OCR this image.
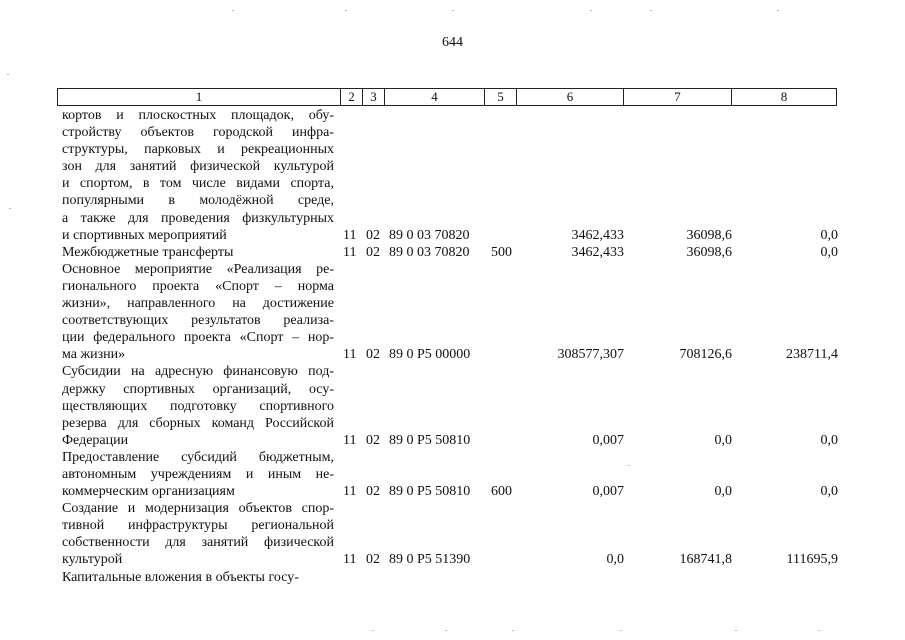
644
1	2	3	4	5	6	7	8
кортов и плоскостных площадок, обу-
стройству объектов городской инфра-
структуры, парковых и рекреационных
зон для занятий физической культурой
и спортом, в том числе видами спорта,
популярными в молодёжной среде,
а также для проведения физкультурных
и спортивных мероприятий	11 02 89 0 03 70820	3462,433	36098,6	0,0
Межбюджетные трансферты	11 02 89 0 03 70820 500	3462,433	36098,6	0,0
Основное мероприятие «Реализация ре-
гионального проекта «Спорт – норма
жизни», направленного на достижение
соответствующих результатов реализа-
ции федерального проекта «Спорт – нор-
ма жизни»	11 02 89 0 P5 00000	308577,307	708126,6	238711,4
Субсидии на адресную финансовую под-
держку спортивных организаций, осу-
ществляющих подготовку спортивного
резерва для сборных команд Российской
Федерации	11 02 89 0 P5 50810	0,007	0,0	0,0
Предоставление субсидий бюджетным,
автономным учреждениям и иным не-
коммерческим организациям	11 02 89 0 P5 50810 600	0,007	0,0	0,0
Создание и модернизация объектов спор-
тивной инфраструктуры региональной
собственности для занятий физической
культурой	11 02 89 0 P5 51390	0,0	168741,8	111695,9
Капитальные вложения в объекты госу-
